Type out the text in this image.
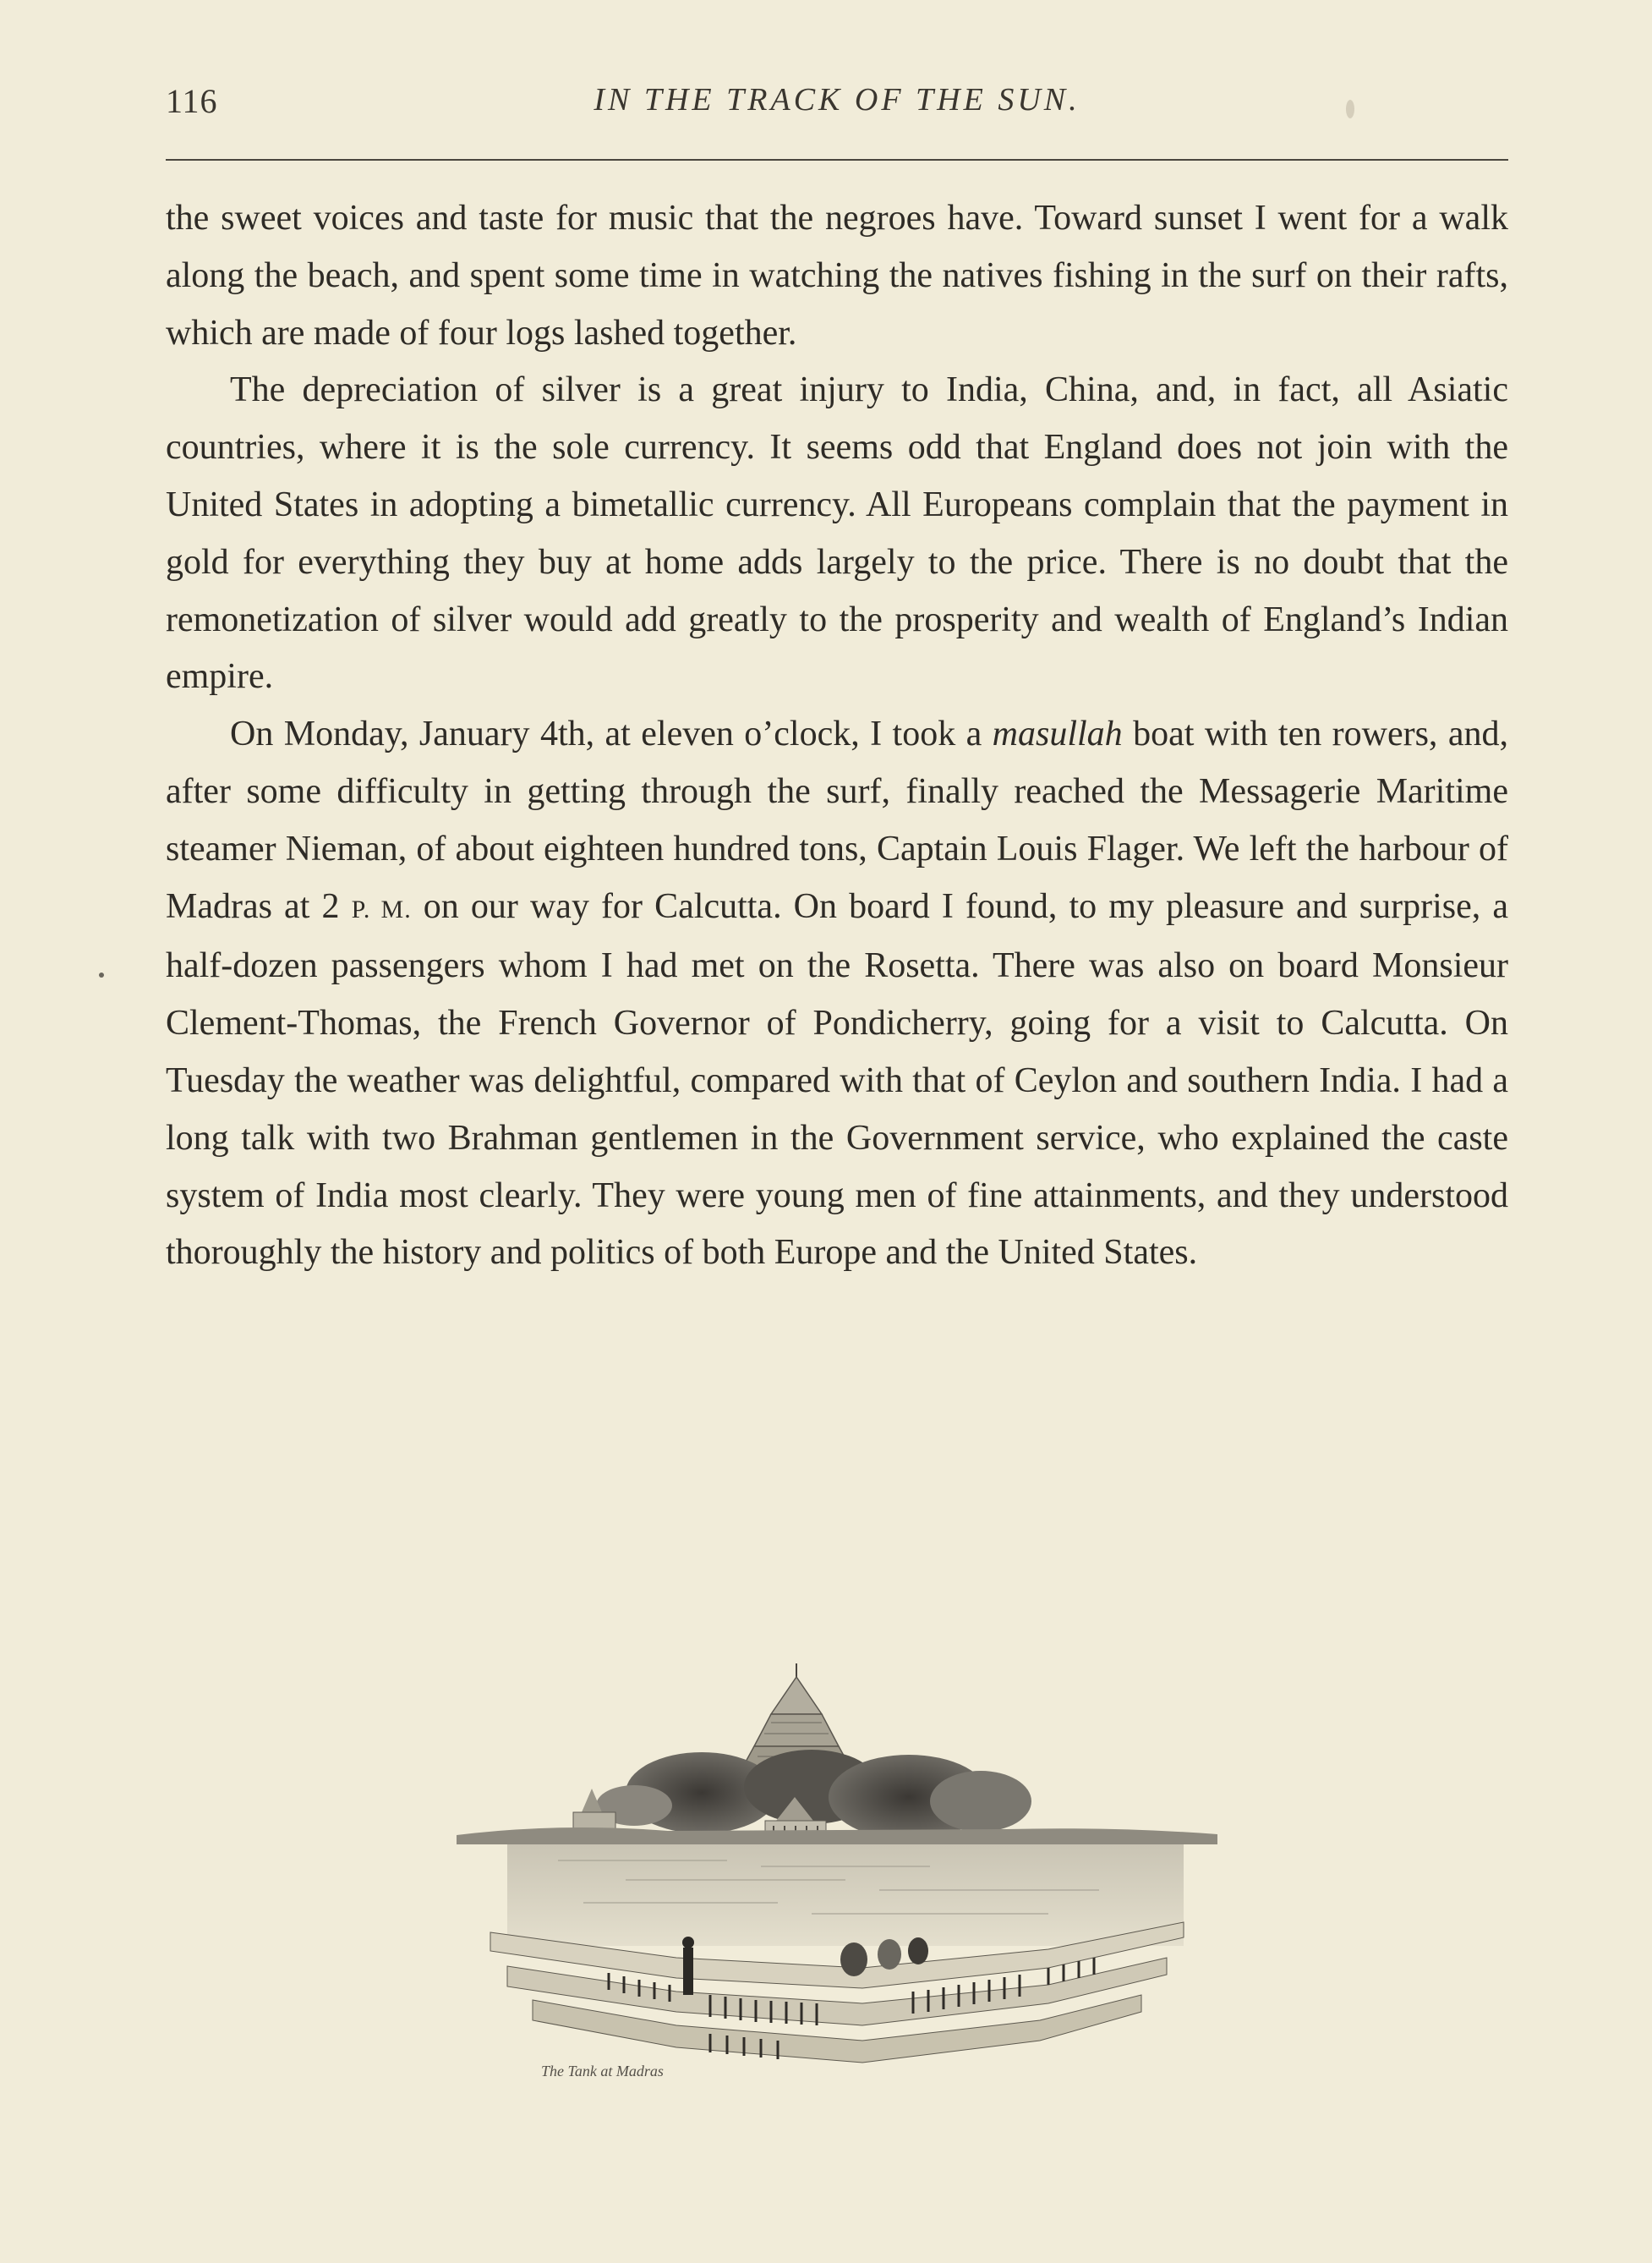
116	IN THE TRACK OF THE SUN.

the sweet voices and taste for music that the negroes have. Toward sunset I went for a walk along the beach, and spent some time in watching the natives fishing in the surf on their rafts, which are made of four logs lashed together.

The depreciation of silver is a great injury to India, China, and, in fact, all Asiatic countries, where it is the sole currency. It seems odd that England does not join with the United States in adopting a bimetallic currency. All Europeans complain that the payment in gold for everything they buy at home adds largely to the price. There is no doubt that the remonetization of silver would add greatly to the prosperity and wealth of England’s Indian empire.

On Monday, January 4th, at eleven o’clock, I took a masullah boat with ten rowers, and, after some difficulty in getting through the surf, finally reached the Messagerie Maritime steamer Nieman, of about eighteen hundred tons, Captain Louis Flager. We left the harbour of Madras at 2 P. M. on our way for Calcutta. On board I found, to my pleasure and surprise, a half-dozen passengers whom I had met on the Rosetta. There was also on board Monsieur Clement-Thomas, the French Governor of Pondicherry, going for a visit to Calcutta. On Tuesday the weather was delightful, compared with that of Ceylon and southern India. I had a long talk with two Brahman gentlemen in the Government service, who explained the caste system of India most clearly. They were young men of fine attainments, and they understood thoroughly the history and politics of both Europe and the United States.

The Tank at Madras
